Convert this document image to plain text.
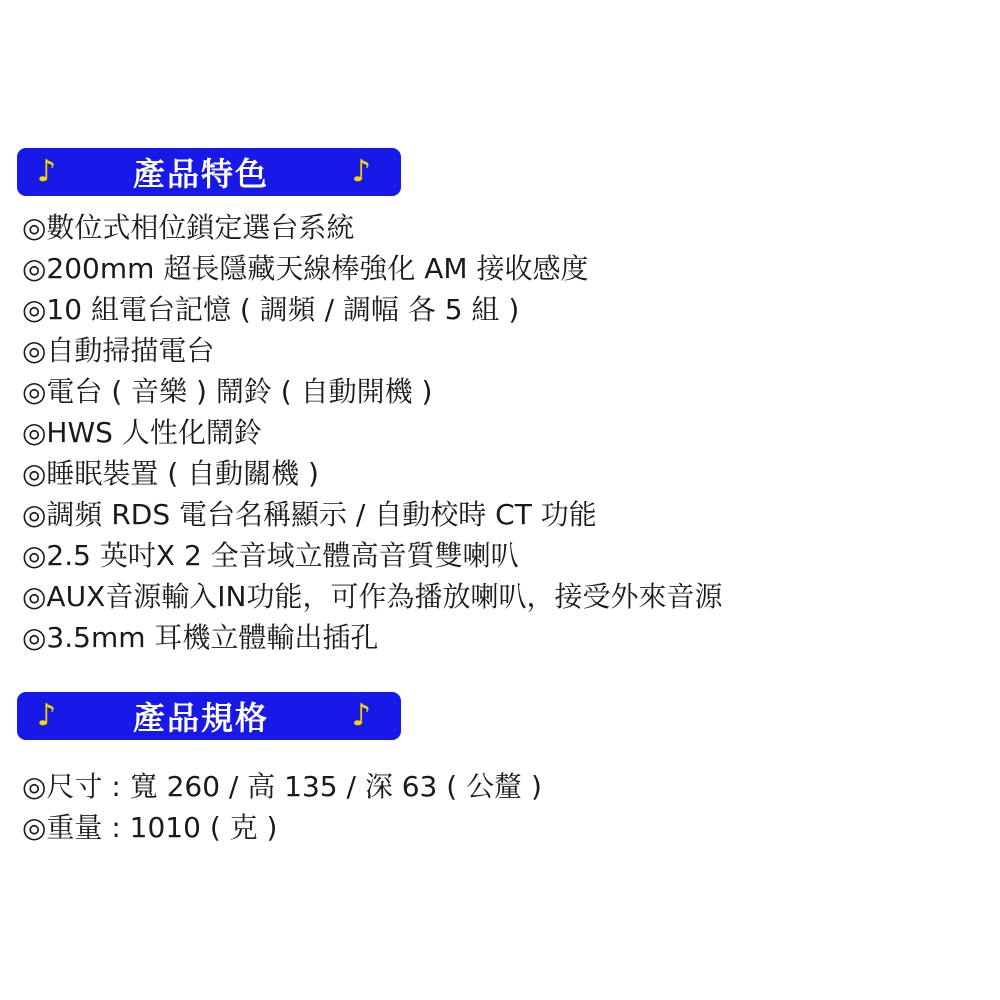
♪	產品特色	♪
◎數位式相位鎖定選台系統
◎200mm 超長隱藏天線棒強化 AM 接收感度
◎10 組電台記憶 ( 調頻 / 調幅 各 5 組 )
◎自動掃描電台
◎電台 ( 音樂 ) 鬧鈴 ( 自動開機 )
◎HWS 人性化鬧鈴
◎睡眠裝置 ( 自動關機 )
◎調頻 RDS 電台名稱顯示 / 自動校時 CT 功能
◎2.5 英吋X 2 全音域立體高音質雙喇叭
◎AUX音源輸入IN功能，可作為播放喇叭，接受外來音源
◎3.5mm 耳機立體輸出插孔
♪	產品規格	♪
◎尺寸 : 寬 260 / 高 135 / 深 63 ( 公釐 )
◎重量 : 1010 ( 克 )
